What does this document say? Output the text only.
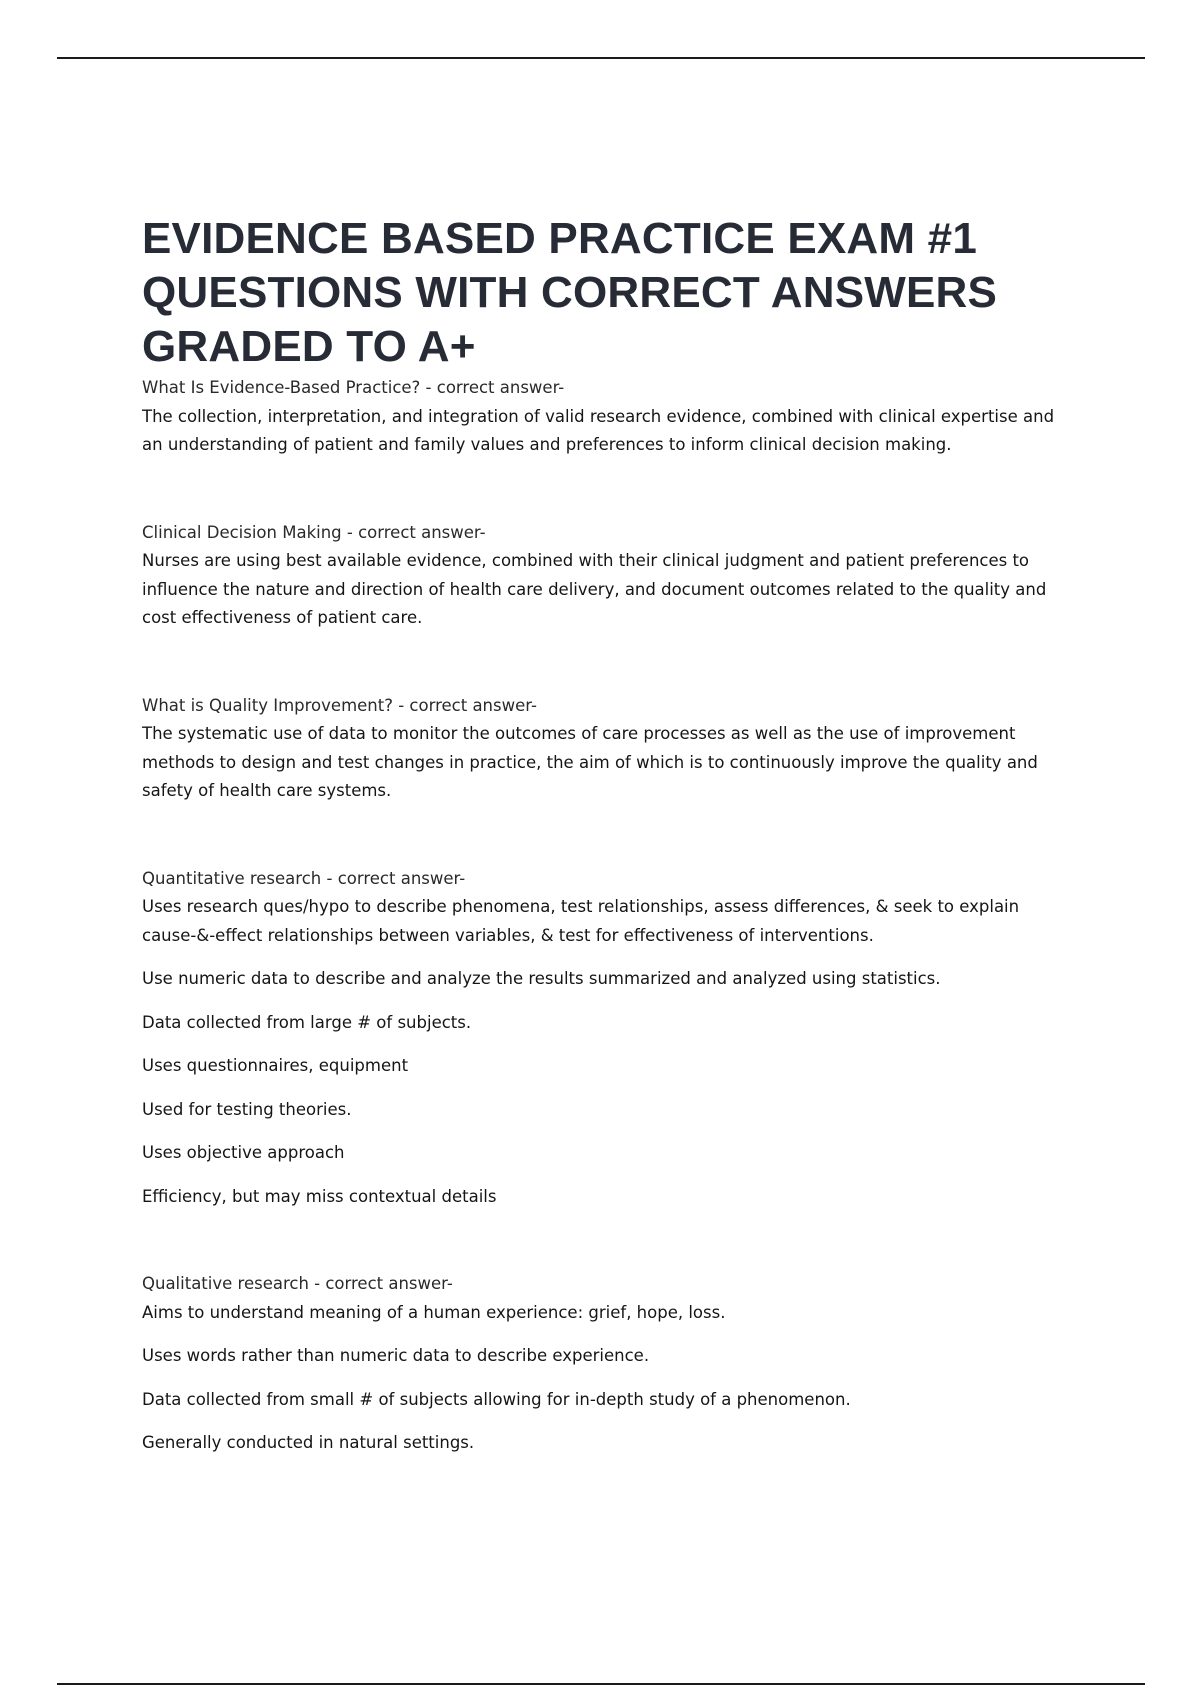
EVIDENCE BASED PRACTICE EXAM #1
QUESTIONS WITH CORRECT ANSWERS
GRADED TO A+

What Is Evidence-Based Practice? - correct answer-

The collection, interpretation, and integration of valid research evidence, combined with clinical expertise and an understanding of patient and family values and preferences to inform clinical decision making.

Clinical Decision Making - correct answer-

Nurses are using best available evidence, combined with their clinical judgment and patient preferences to influence the nature and direction of health care delivery, and document outcomes related to the quality and cost effectiveness of patient care.

What is Quality Improvement? - correct answer-

The systematic use of data to monitor the outcomes of care processes as well as the use of improvement methods to design and test changes in practice, the aim of which is to continuously improve the quality and safety of health care systems.

Quantitative research - correct answer-

Uses research ques/hypo to describe phenomena, test relationships, assess differences, & seek to explain cause-&-effect relationships between variables, & test for effectiveness of interventions.

Use numeric data to describe and analyze the results summarized and analyzed using statistics.

Data collected from large # of subjects.

Uses questionnaires, equipment

Used for testing theories.

Uses objective approach

Efficiency, but may miss contextual details

Qualitative research - correct answer-

Aims to understand meaning of a human experience: grief, hope, loss.

Uses words rather than numeric data to describe experience.

Data collected from small # of subjects allowing for in-depth study of a phenomenon.

Generally conducted in natural settings.
